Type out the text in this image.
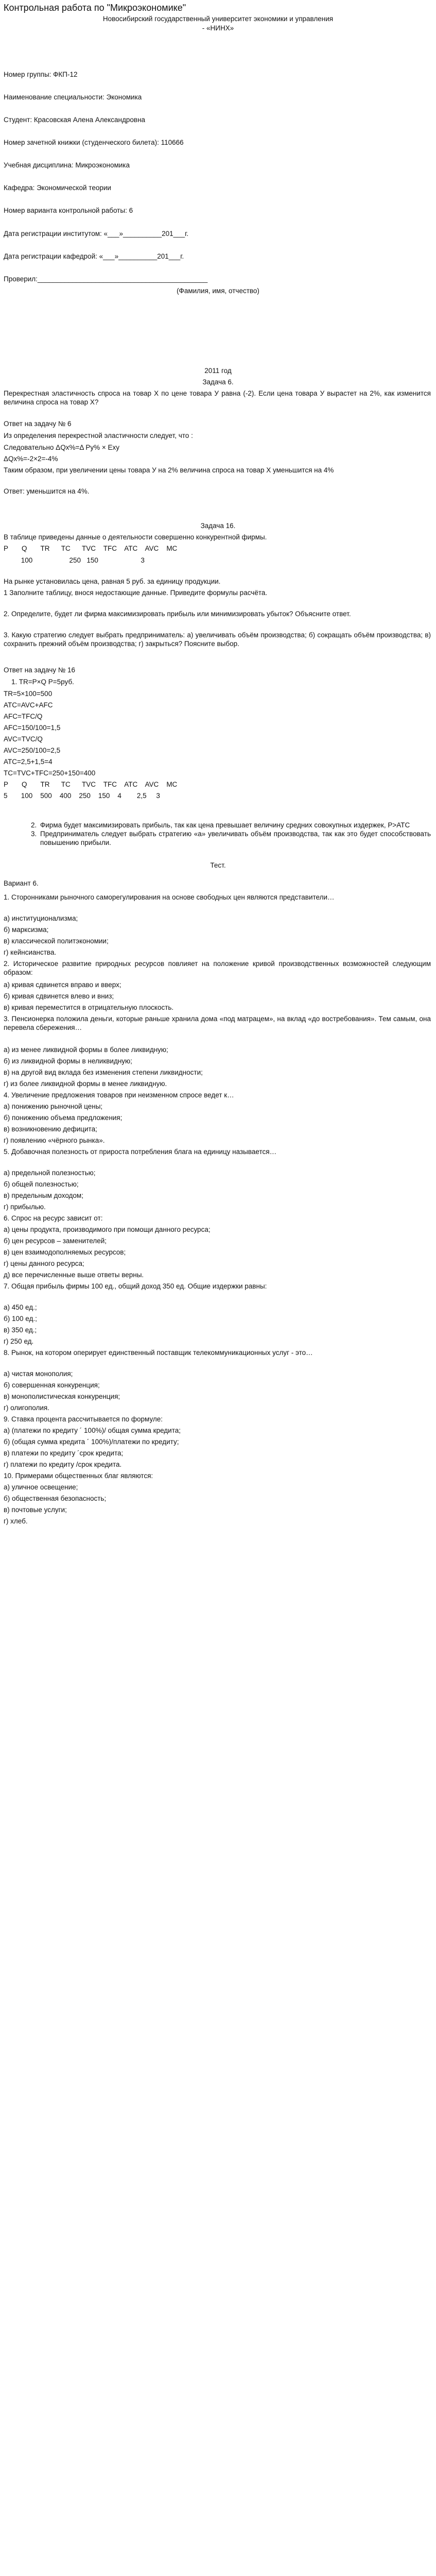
Контрольная работа по "Микроэкономике"
Новосибирский государственный университет экономики и управления
- «НИНХ»

Номер группы: ФКП-12

Наименование специальности: Экономика

Студент: Красовская Алена Александровна

Номер зачетной книжки (студенческого билета): 110666

Учебная дисциплина: Микроэкономика

Кафедра: Экономической теории

Номер варианта контрольной работы: 6

Дата регистрации институтом: «___»__________201___г.

Дата регистрации кафедрой: «___»__________201___г.

Проверил:____________________________________________

(Фамилия, имя, отчество)

2011 год

Задача 6.

Перекрестная эластичность спроса на товар Х по цене товара У равна (-2). Если цена товара У вырастет на 2%, как изменится величина спроса на товар Х?

Ответ на задачу № 6

Из определения перекрестной эластичности следует, что :

Следовательно ΔQх%=Δ Ру% × Еху

ΔQх%=-2×2=-4%

Таким образом, при увеличении цены товара У на 2% величина спроса на товар Х уменьшится на 4%

Ответ: уменьшится на 4%.

Задача 16.

В таблице приведены данные о деятельности совершенно конкурентной фирмы.

P       Q       TR      TC      TVC    TFC    ATC    AVC    MC

100                   250   150                      3

На рынке установилась цена, равная 5 руб. за единицу продукции.

1 Заполните таблицу, внося недостающие данные. Приведите формулы расчёта.

2. Определите, будет ли фирма максимизировать прибыль или минимизировать убыток? Объясните ответ.

3. Какую стратегию следует выбрать предприниматель: а) увеличивать объём производства; б) сокращать объём производства; в) сохранить прежний объём производства; г) закрыться? Поясните выбор.

Ответ на задачу № 16

1. TR=P×Q P=5руб.

TR=5×100=500

ATC=AVC+AFC

AFC=TFC/Q

AFC=150/100=1,5

AVC=TVC/Q

AVC=250/100=2,5

ATC=2,5+1,5=4

TC=TVC+TFC=250+150=400

P       Q       TR      TC      TVC    TFC    ATC    AVC    MC

5       100    500    400    250    150    4        2,5     3

2. Фирма будет максимизировать прибыль, так как цена превышает величину средних совокупных издержек, P>ATC
3. Предприниматель следует выбрать стратегию «а» увеличивать объём производства, так как это будет способствовать повышению прибыли.

Тест.

Вариант 6.

1. Сторонниками рыночного саморегулирования на основе свободных цен являются представители…

а) институционализма;

б) марксизма;

в) классической политэкономии;

г) кейнсианства.

2. Историческое развитие природных ресурсов повлияет на положение кривой производственных возможностей следующим образом:

а) кривая сдвинется вправо и вверх;

б) кривая сдвинется влево и вниз;

в) кривая переместится в отрицательную плоскость.

3. Пенсионерка положила деньги, которые раньше хранила дома «под матрацем», на вклад «до востребования». Тем самым, она перевела сбережения…

а) из менее ликвидной формы в более ликвидную;

б) из ликвидной формы в неликвидную;

в) на другой вид вклада без изменения степени ликвидности;

г) из более ликвидной формы в менее ликвидную.

4. Увеличение предложения товаров при неизменном спросе ведет к…

а) понижению рыночной цены;

б) понижению объема предложения;

в) возникновению дефицита;

г) появлению «чёрного рынка».

5. Добавочная полезность от прироста потребления блага на единицу называется…

а) предельной полезностью;

б) общей полезностью;

в) предельным доходом;

г) прибылью.

6. Спрос на ресурс зависит от:

а) цены продукта, производимого при помощи данного ресурса;

б) цен ресурсов – заменителей;

в) цен взаимодополняемых ресурсов;

г) цены данного ресурса;

д) все перечисленные выше ответы верны.

7. Общая прибыль фирмы 100 ед., общий доход 350 ед. Общие издержки равны:

а) 450 ед.;

б) 100 ед.;

в) 350 ед.;

г) 250 ед.

8. Рынок, на котором оперирует единственный поставщик телекоммуникационных услуг - это…

а) чистая монополия;

б) совершенная конкуренция;

в) монополистическая конкуренция;

г) олигополия.

9. Ставка процента рассчитывается по формуле:

а) (платежи по кредиту ´ 100%)/ общая сумма кредита;

б) (общая сумма кредита ´ 100%)/платежи по кредиту;

в) платежи по кредиту ´срок кредита;

г) платежи по кредиту /срок кредита.

10. Примерами общественных благ являются:

а) уличное освещение;

б) общественная безопасность;

в) почтовые услуги;

г) хлеб.
